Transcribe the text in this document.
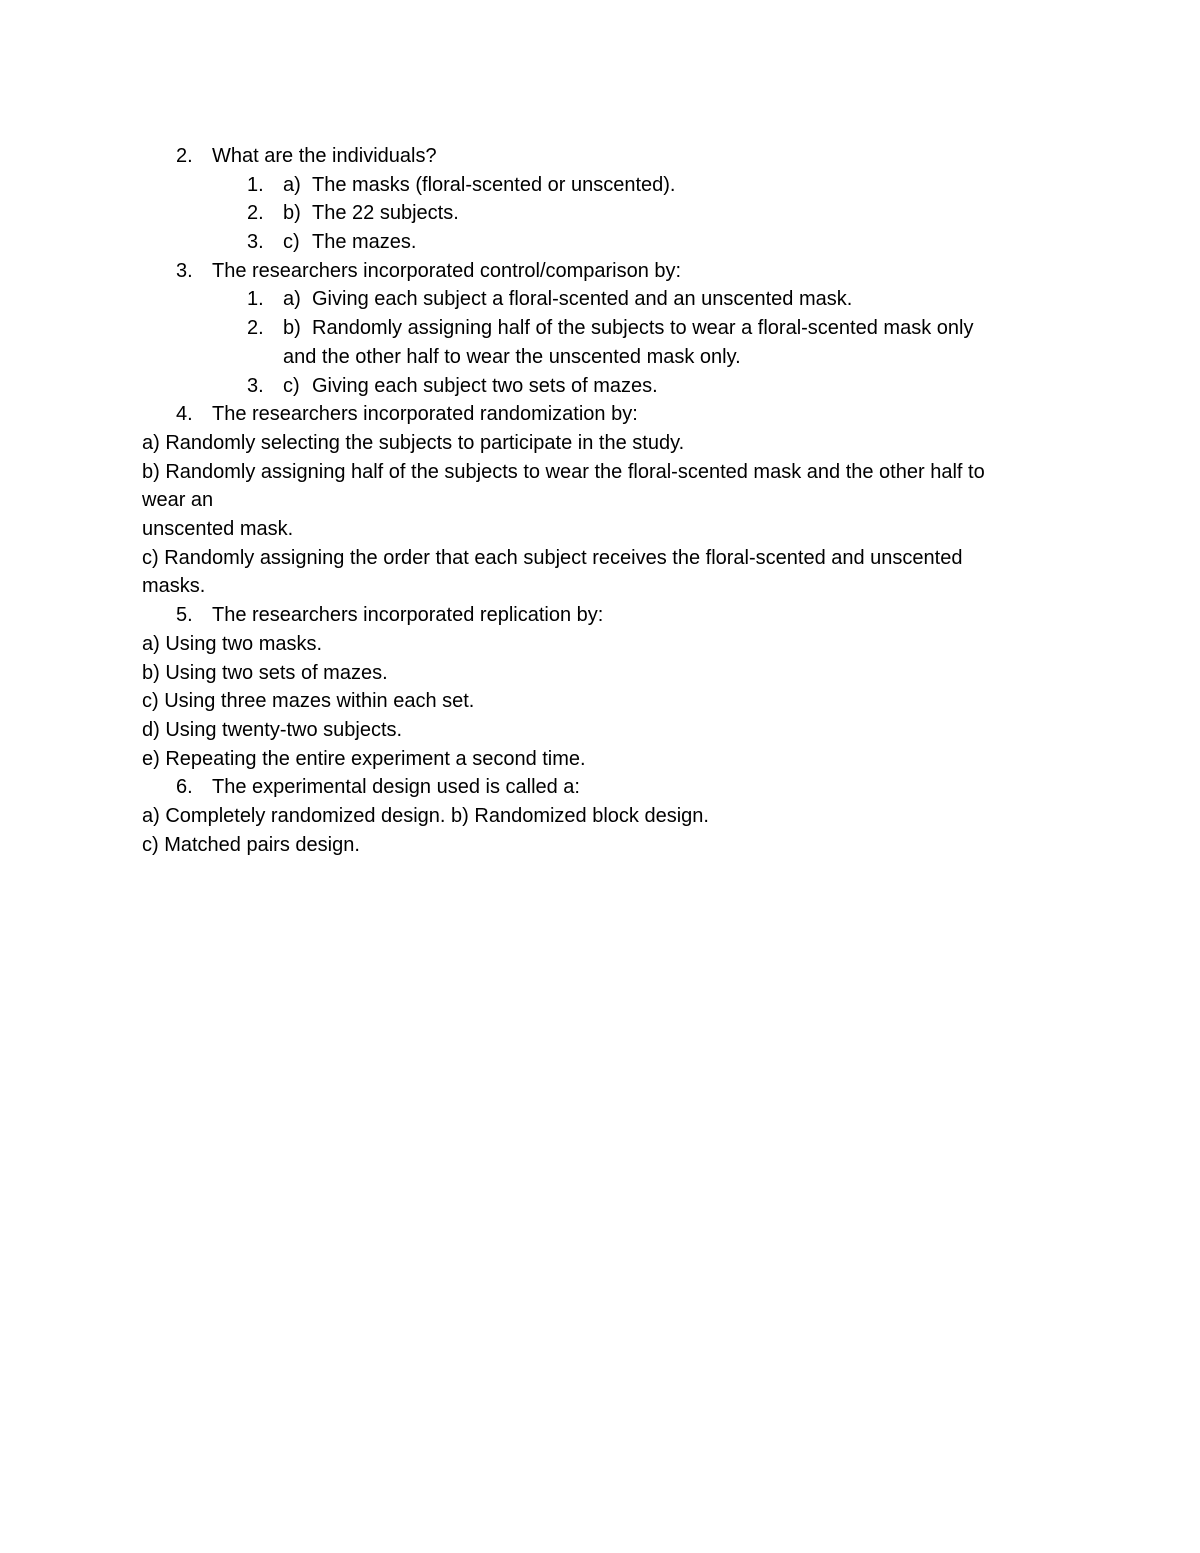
2. What are the individuals?
1. a) The masks (floral-scented or unscented).
2. b) The 22 subjects.
3. c) The mazes.
3. The researchers incorporated control/comparison by:
1. a) Giving each subject a floral-scented and an unscented mask.
2. b) Randomly assigning half of the subjects to wear a floral-scented mask only
and the other half to wear the unscented mask only.
3. c) Giving each subject two sets of mazes.
4. The researchers incorporated randomization by:
a) Randomly selecting the subjects to participate in the study.
b) Randomly assigning half of the subjects to wear the floral-scented mask and the other half to
wear an
unscented mask.
c) Randomly assigning the order that each subject receives the floral-scented and unscented
masks.
5. The researchers incorporated replication by:
a) Using two masks.
b) Using two sets of mazes.
c) Using three mazes within each set.
d) Using twenty-two subjects.
e) Repeating the entire experiment a second time.
6. The experimental design used is called a:
a) Completely randomized design. b) Randomized block design.
c) Matched pairs design.
